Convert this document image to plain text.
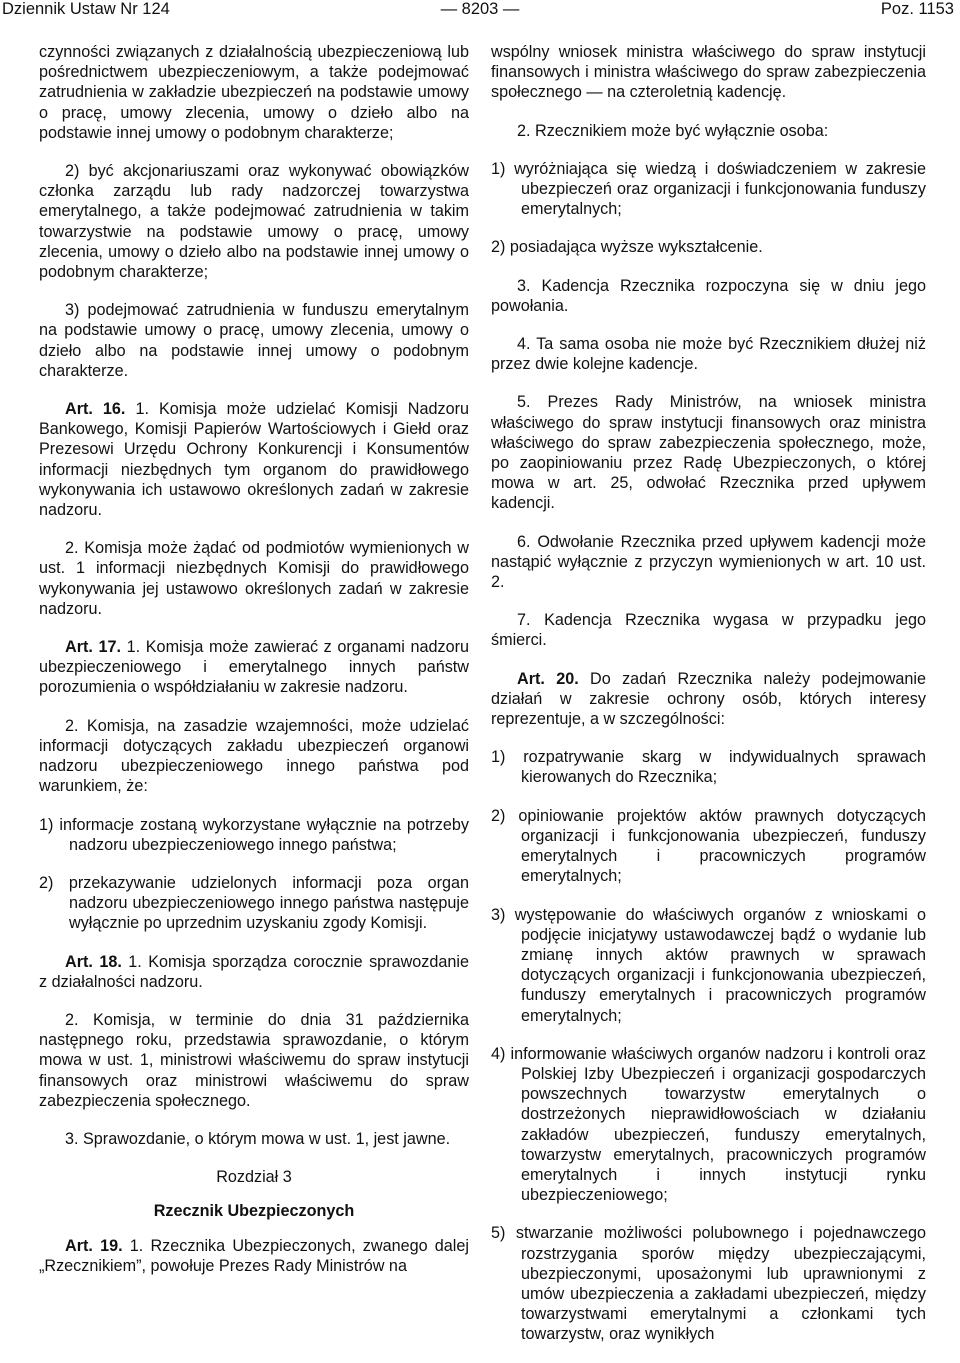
Dziennik Ustaw Nr 124	— 8203 —	Poz. 1153

czynności związanych z działalnością ubezpieczeniową lub pośrednictwem ubezpieczeniowym, a także podejmować zatrudnienia w zakładzie ubezpieczeń na podstawie umowy o pracę, umowy zlecenia, umowy o dzieło albo na podstawie innej umowy o podobnym charakterze;

2) być akcjonariuszami oraz wykonywać obowiązków członka zarządu lub rady nadzorczej towarzystwa emerytalnego, a także podejmować zatrudnienia w takim towarzystwie na podstawie umowy o pracę, umowy zlecenia, umowy o dzieło albo na podstawie innej umowy o podobnym charakterze;

3) podejmować zatrudnienia w funduszu emerytalnym na podstawie umowy o pracę, umowy zlecenia, umowy o dzieło albo na podstawie innej umowy o podobnym charakterze.

Art. 16. 1. Komisja może udzielać Komisji Nadzoru Bankowego, Komisji Papierów Wartościowych i Giełd oraz Prezesowi Urzędu Ochrony Konkurencji i Konsumentów informacji niezbędnych tym organom do prawidłowego wykonywania ich ustawowo określonych zadań w zakresie nadzoru.

2. Komisja może żądać od podmiotów wymienionych w ust. 1 informacji niezbędnych Komisji do prawidłowego wykonywania jej ustawowo określonych zadań w zakresie nadzoru.

Art. 17. 1. Komisja może zawierać z organami nadzoru ubezpieczeniowego i emerytalnego innych państw porozumienia o współdziałaniu w zakresie nadzoru.

2. Komisja, na zasadzie wzajemności, może udzielać informacji dotyczących zakładu ubezpieczeń organowi nadzoru ubezpieczeniowego innego państwa pod warunkiem, że:

1) informacje zostaną wykorzystane wyłącznie na potrzeby nadzoru ubezpieczeniowego innego państwa;

2) przekazywanie udzielonych informacji poza organ nadzoru ubezpieczeniowego innego państwa następuje wyłącznie po uprzednim uzyskaniu zgody Komisji.

Art. 18. 1. Komisja sporządza corocznie sprawozdanie z działalności nadzoru.

2. Komisja, w terminie do dnia 31 października następnego roku, przedstawia sprawozdanie, o którym mowa w ust. 1, ministrowi właściwemu do spraw instytucji finansowych oraz ministrowi właściwemu do spraw zabezpieczenia społecznego.

3. Sprawozdanie, o którym mowa w ust. 1, jest jawne.

Rozdział 3
Rzecznik Ubezpieczonych

Art. 19. 1. Rzecznika Ubezpieczonych, zwanego dalej „Rzecznikiem”, powołuje Prezes Rady Ministrów na

wspólny wniosek ministra właściwego do spraw instytucji finansowych i ministra właściwego do spraw zabezpieczenia społecznego — na czteroletnią kadencję.

2. Rzecznikiem może być wyłącznie osoba:

1) wyróżniająca się wiedzą i doświadczeniem w zakresie ubezpieczeń oraz organizacji i funkcjonowania funduszy emerytalnych;

2) posiadająca wyższe wykształcenie.

3. Kadencja Rzecznika rozpoczyna się w dniu jego powołania.

4. Ta sama osoba nie może być Rzecznikiem dłużej niż przez dwie kolejne kadencje.

5. Prezes Rady Ministrów, na wniosek ministra właściwego do spraw instytucji finansowych oraz ministra właściwego do spraw zabezpieczenia społecznego, może, po zaopiniowaniu przez Radę Ubezpieczonych, o której mowa w art. 25, odwołać Rzecznika przed upływem kadencji.

6. Odwołanie Rzecznika przed upływem kadencji może nastąpić wyłącznie z przyczyn wymienionych w art. 10 ust. 2.

7. Kadencja Rzecznika wygasa w przypadku jego śmierci.

Art. 20. Do zadań Rzecznika należy podejmowanie działań w zakresie ochrony osób, których interesy reprezentuje, a w szczególności:

1) rozpatrywanie skarg w indywidualnych sprawach kierowanych do Rzecznika;

2) opiniowanie projektów aktów prawnych dotyczących organizacji i funkcjonowania ubezpieczeń, funduszy emerytalnych i pracowniczych programów emerytalnych;

3) występowanie do właściwych organów z wnioskami o podjęcie inicjatywy ustawodawczej bądź o wydanie lub zmianę innych aktów prawnych w sprawach dotyczących organizacji i funkcjonowania ubezpieczeń, funduszy emerytalnych i pracowniczych programów emerytalnych;

4) informowanie właściwych organów nadzoru i kontroli oraz Polskiej Izby Ubezpieczeń i organizacji gospodarczych powszechnych towarzystw emerytalnych o dostrzeżonych nieprawidłowościach w działaniu zakładów ubezpieczeń, funduszy emerytalnych, towarzystw emerytalnych, pracowniczych programów emerytalnych i innych instytucji rynku ubezpieczeniowego;

5) stwarzanie możliwości polubownego i pojednawczego rozstrzygania sporów między ubezpieczającymi, ubezpieczonymi, uposażonymi lub uprawnionymi z umów ubezpieczenia a zakładami ubezpieczeń, między towarzystwami emerytalnymi a członkami tych towarzystw, oraz wynikłych
